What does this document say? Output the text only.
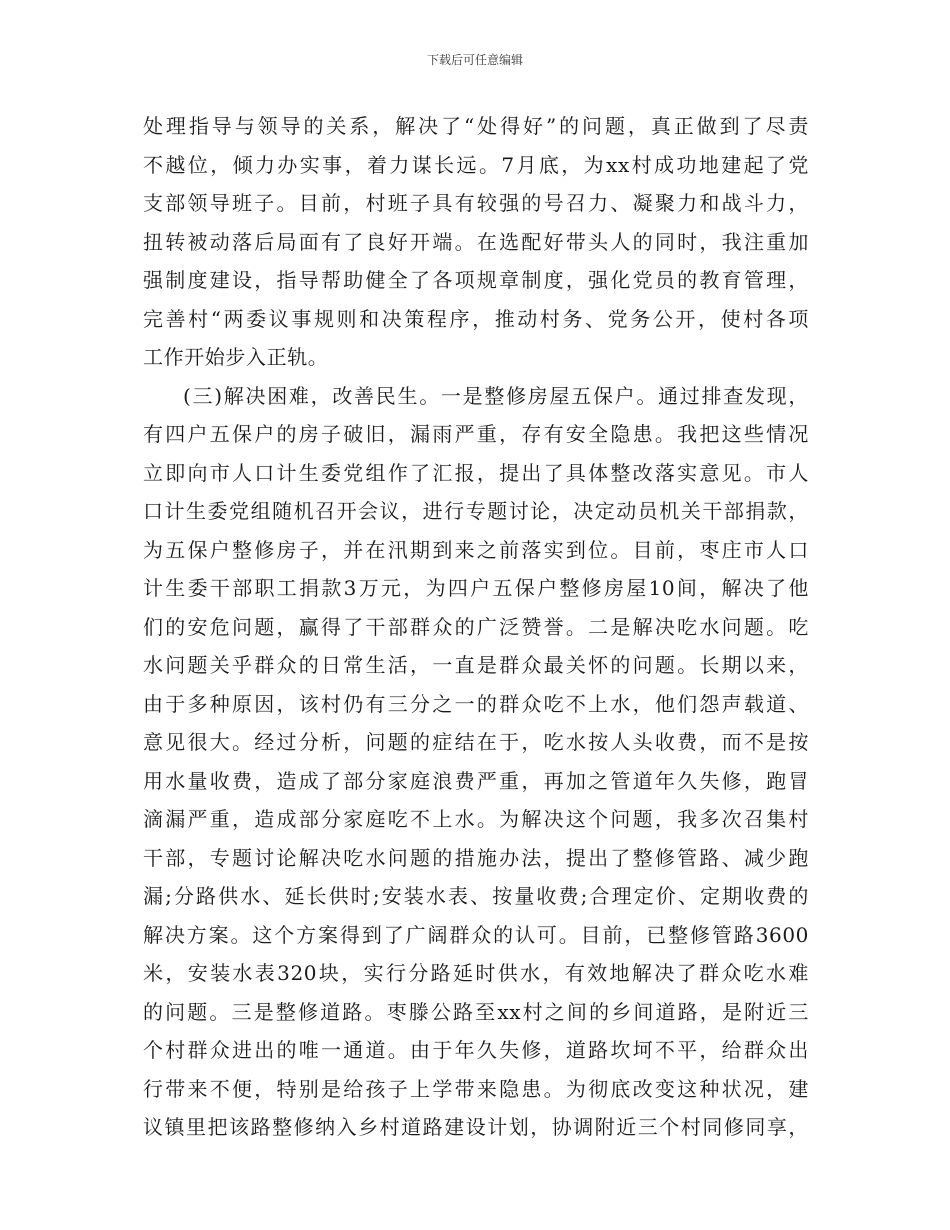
下载后可任意编辑
处理指导与领导的关系，解决了“处得好”的问题，真正做到了尽责
不越位，倾力办实事，着力谋长远。7月底，为xx村成功地建起了党
支部领导班子。目前，村班子具有较强的号召力、凝聚力和战斗力，
扭转被动落后局面有了良好开端。在选配好带头人的同时，我注重加
强制度建设，指导帮助健全了各项规章制度，强化党员的教育管理，
完善村“两委议事规则和决策程序，推动村务、党务公开，使村各项
工作开始步入正轨。
(三)解决困难，改善民生。一是整修房屋五保户。通过排查发现，
有四户五保户的房子破旧，漏雨严重，存有安全隐患。我把这些情况
立即向市人口计生委党组作了汇报，提出了具体整改落实意见。市人
口计生委党组随机召开会议，进行专题讨论，决定动员机关干部捐款，
为五保户整修房子，并在汛期到来之前落实到位。目前，枣庄市人口
计生委干部职工捐款3万元，为四户五保户整修房屋10间，解决了他
们的安危问题，赢得了干部群众的广泛赞誉。二是解决吃水问题。吃
水问题关乎群众的日常生活，一直是群众最关怀的问题。长期以来，
由于多种原因，该村仍有三分之一的群众吃不上水，他们怨声载道、
意见很大。经过分析，问题的症结在于，吃水按人头收费，而不是按
用水量收费，造成了部分家庭浪费严重，再加之管道年久失修，跑冒
滴漏严重，造成部分家庭吃不上水。为解决这个问题，我多次召集村
干部，专题讨论解决吃水问题的措施办法，提出了整修管路、减少跑
漏;分路供水、延长供时;安装水表、按量收费;合理定价、定期收费的
解决方案。这个方案得到了广阔群众的认可。目前，已整修管路3600
米，安装水表320块，实行分路延时供水，有效地解决了群众吃水难
的问题。三是整修道路。枣滕公路至xx村之间的乡间道路，是附近三
个村群众进出的唯一通道。由于年久失修，道路坎坷不平，给群众出
行带来不便，特别是给孩子上学带来隐患。为彻底改变这种状况，建
议镇里把该路整修纳入乡村道路建设计划，协调附近三个村同修同享，
